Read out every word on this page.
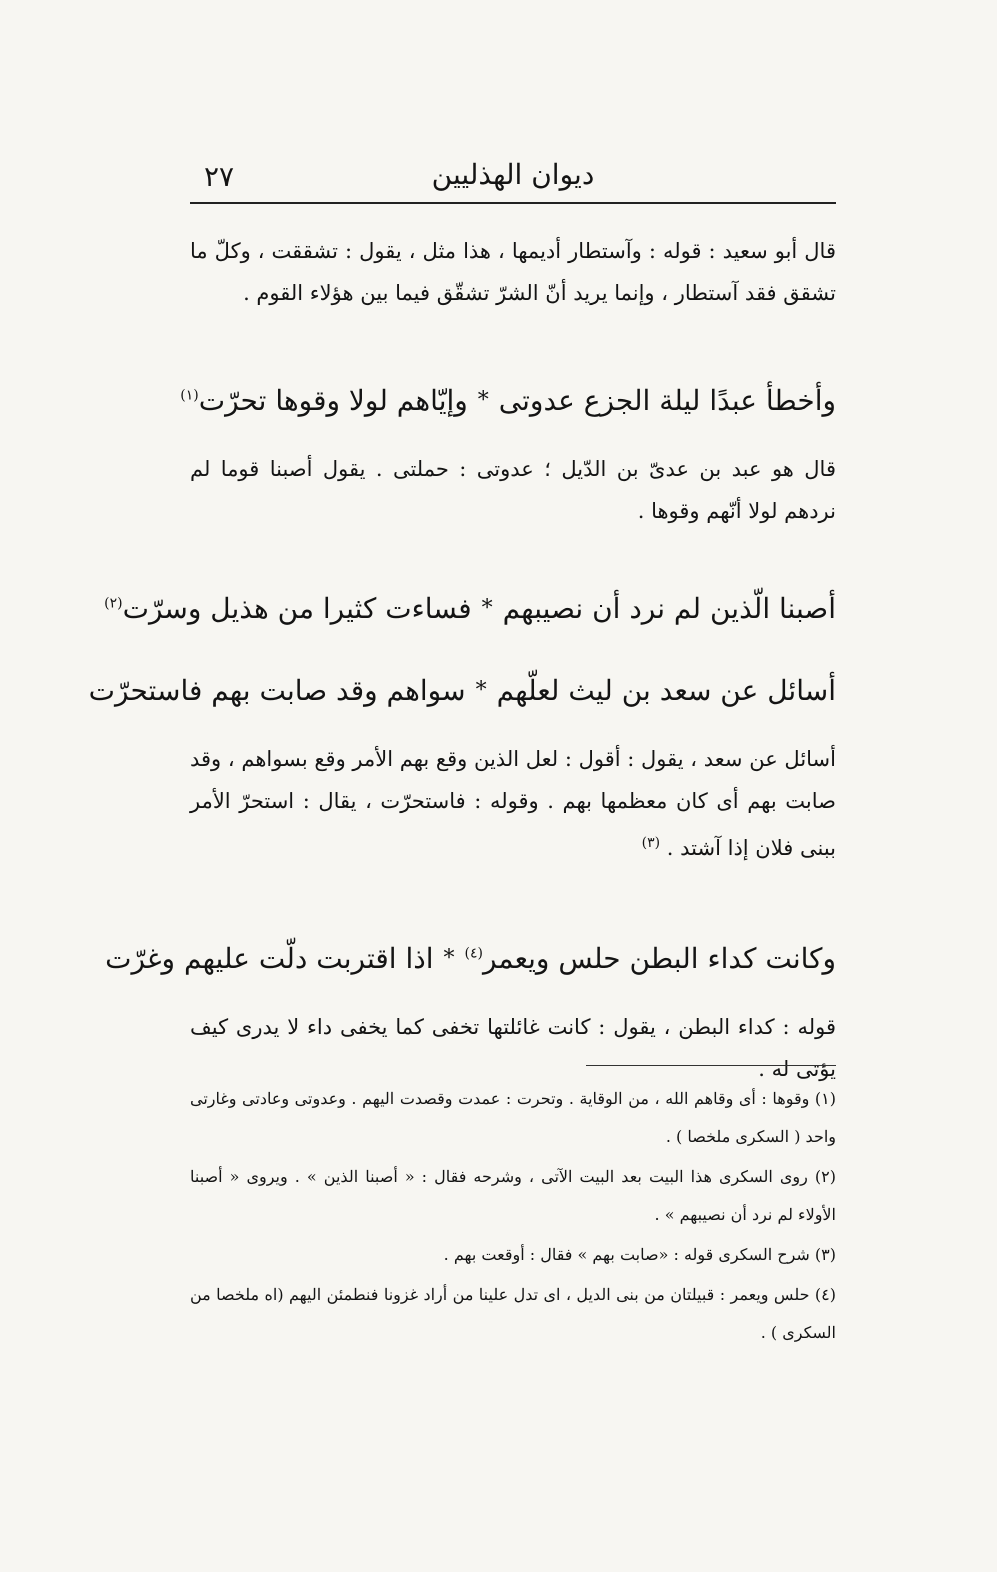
٢٧	ديوان الهذليين

قال أبو سعيد : قوله : وآستطار أديمها ، هذا مثل ، يقول : تشققت ، وكلّ ما تشقق فقد آستطار ، وإنما يريد أنّ الشرّ تشقّق فيما بين هؤلاء القوم .

وأخطأ عبدًا ليلة الجزع عدوتى
*
وإيّاهم لولا وقوها تحرّت$^{(١)}$

قال هو عبد بن عدىّ بن الدّيل ؛ عدوتى : حملتى . يقول أصبنا قوما لم نردهم لولا أنّهم وقوها .

أصبنا الّذين لم نرد أن نصيبهم
*
فساءت كثيرا من هذيل وسرّت$^{(٢)}$
أسائل عن سعد بن ليث لعلّهم
*
سواهم وقد صابت بهم فاستحرّت
أسائل عن سعد ، يقول : أقول : لعل الذين وقع بهم الأمر وقع بسواهم ، وقد صابت بهم أى كان معظمها بهم . وقوله : فاستحرّت ، يقال : استحرّ الأمر ببنى فلان إذا آشتد . $^{(٣)}$
وكانت كداء البطن حلس ويعمر$^{(٤)}$
*
اذا اقتربت دلّت عليهم وغرّت

قوله : كداء البطن ، يقول : كانت غائلتها تخفى كما يخفى داء لا يدرى كيف يؤتى له .

(١) وقوها : أى وقاهم الله ، من الوقاية . وتحرت : عمدت وقصدت اليهم . وعدوتى وعادتى وغارتى واحد ( السكرى ملخصا ) .

(٢) روى السكرى هذا البيت بعد البيت الآتى ، وشرحه فقال : « أصبنا الذين » . ويروى « أصبنا الأولاء لم نرد أن نصيبهم » .

(٣) شرح السكرى قوله : «صابت بهم » فقال : أوقعت بهم .

(٤) حلس ويعمر : قبيلتان من بنى الديل ، اى تدل علينا من أراد غزونا فنطمئن اليهم (اه ملخصا من السكرى ) .
